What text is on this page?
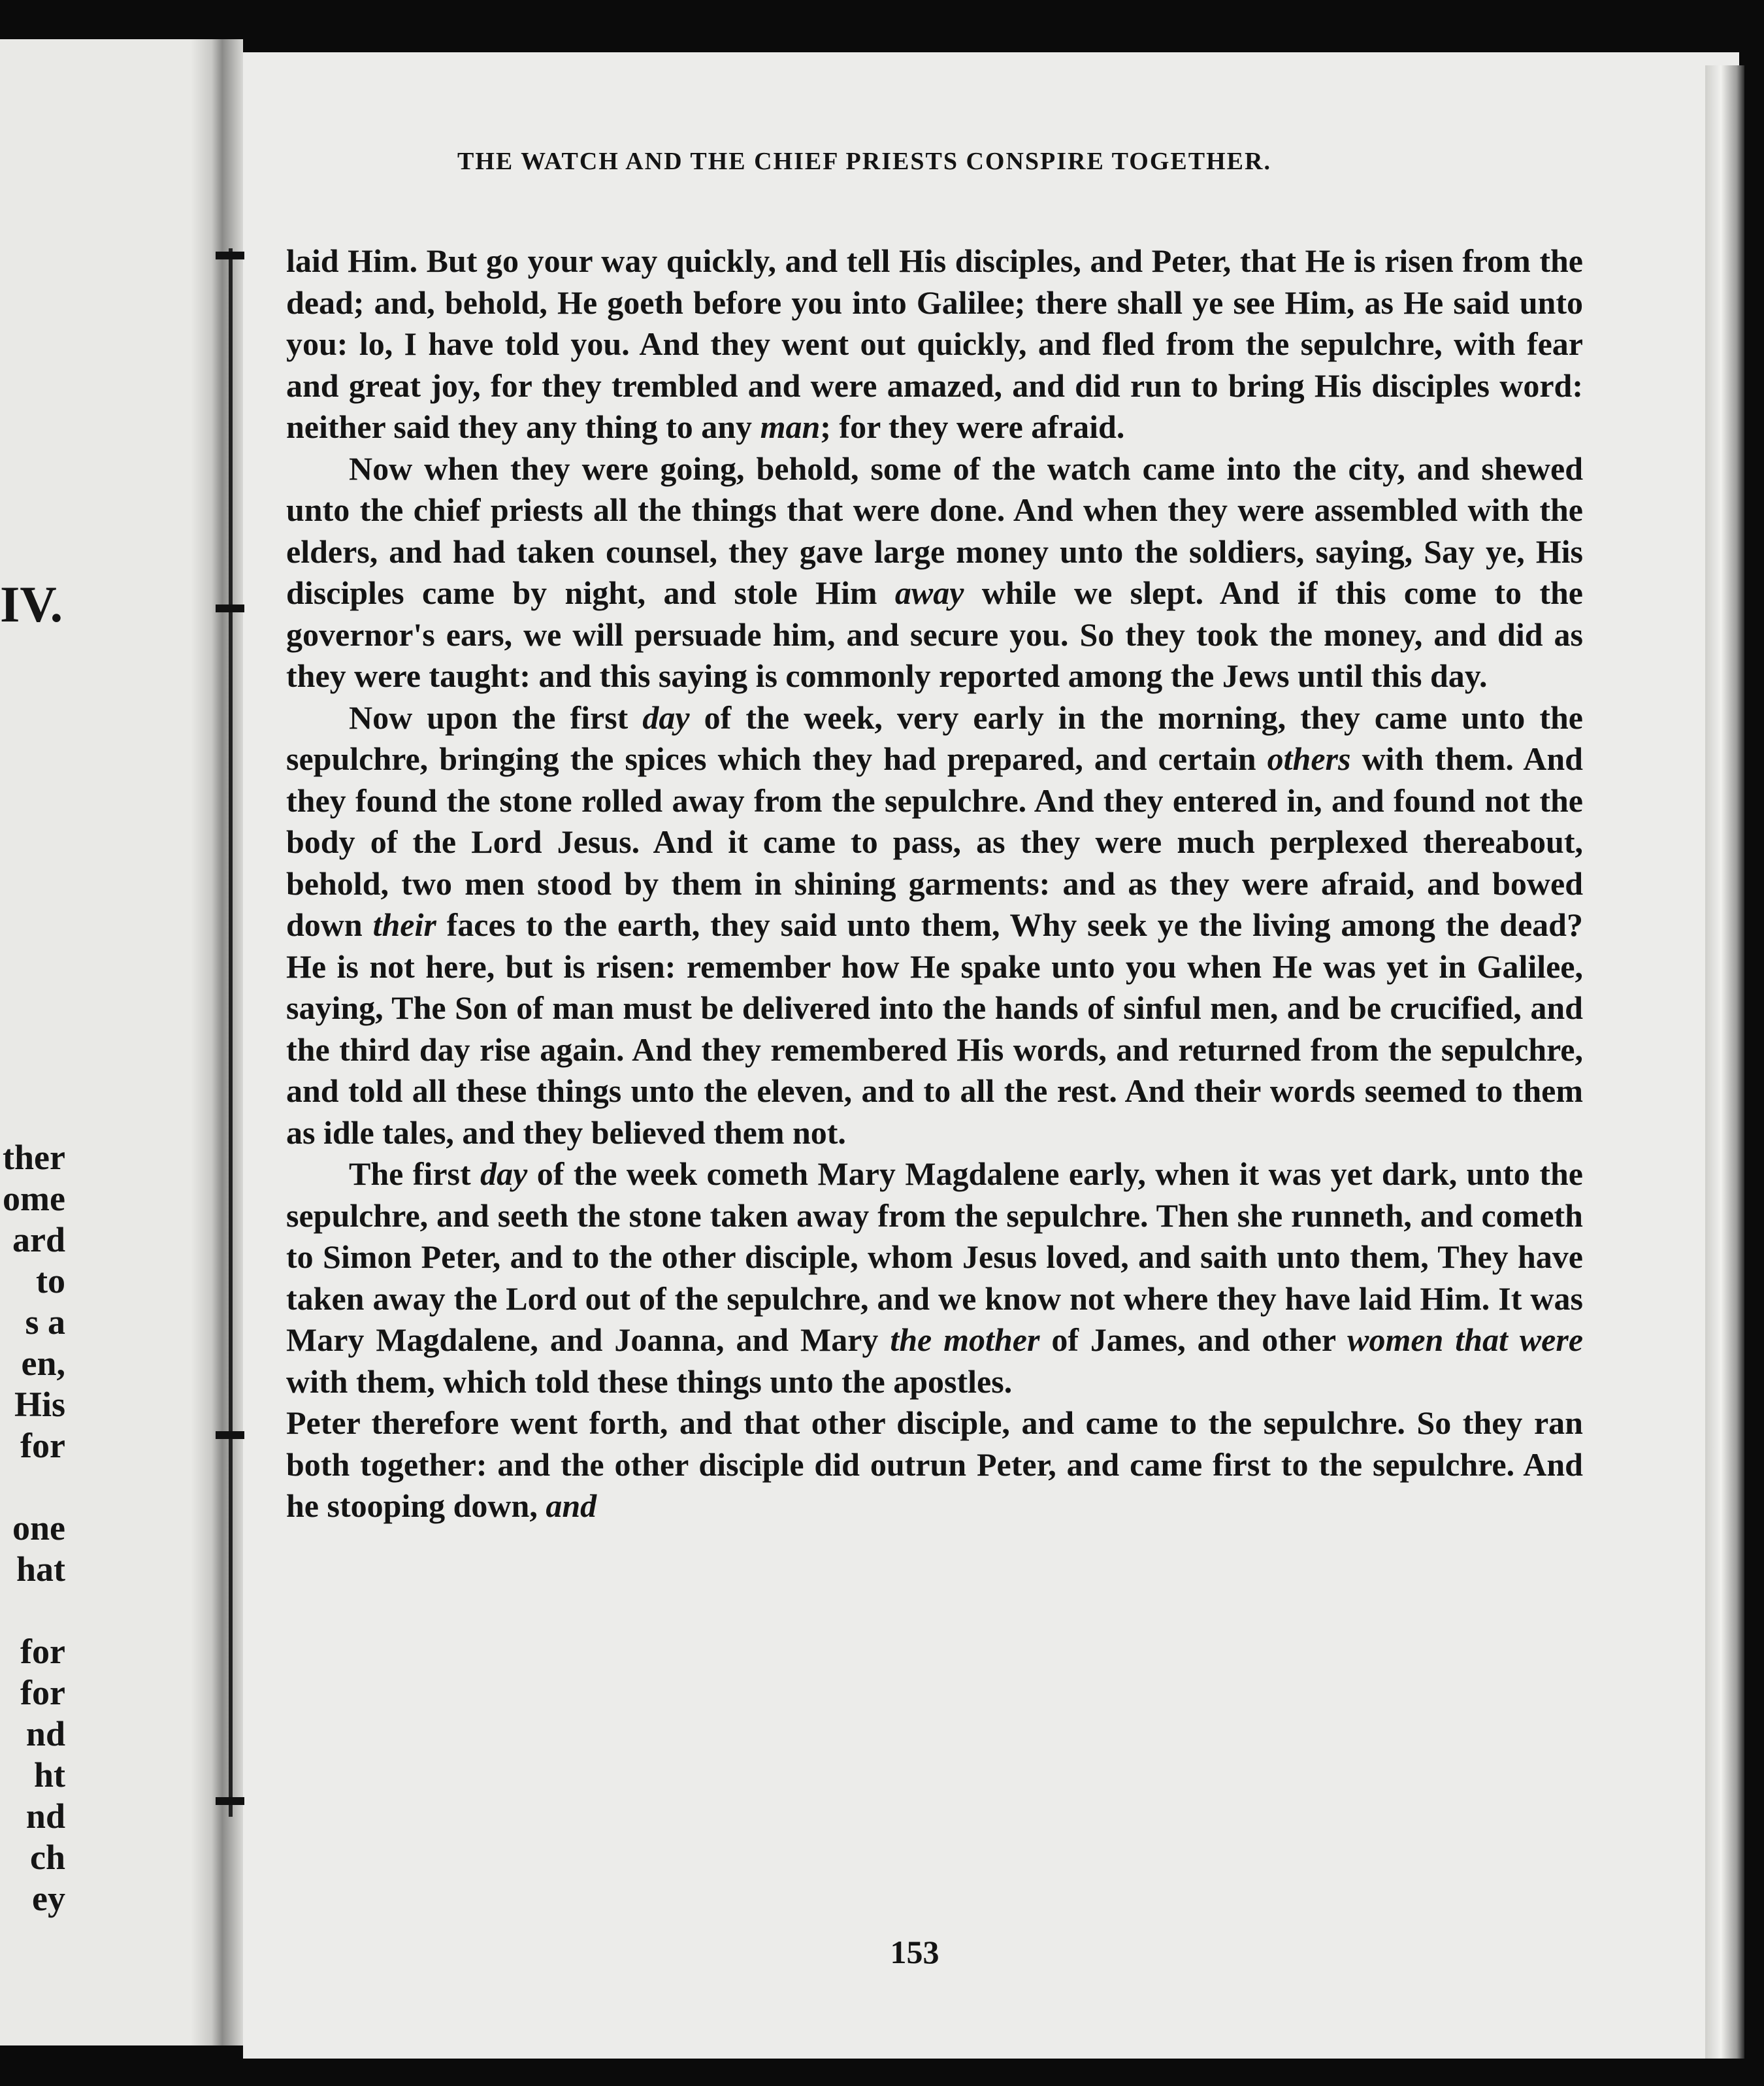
IV.
ther
ome
ard
to
s a
en,
His
for

one
hat

for
for
nd
ht
nd
ch
ey
THE WATCH AND THE CHIEF PRIESTS CONSPIRE TOGETHER.

laid Him. But go your way quickly, and tell His disciples, and Peter, that He is risen from the dead; and, behold, He goeth before you into Galilee; there shall ye see Him, as He said unto you: lo, I have told you. And they went out quickly, and fled from the sepulchre, with fear and great joy, for they trembled and were amazed, and did run to bring His disciples word: neither said they any thing to any man; for they were afraid.

Now when they were going, behold, some of the watch came into the city, and shewed unto the chief priests all the things that were done. And when they were assembled with the elders, and had taken counsel, they gave large money unto the soldiers, saying, Say ye, His disciples came by night, and stole Him away while we slept. And if this come to the governor's ears, we will persuade him, and secure you. So they took the money, and did as they were taught: and this saying is commonly reported among the Jews until this day.

Now upon the first day of the week, very early in the morning, they came unto the sepulchre, bringing the spices which they had prepared, and certain others with them. And they found the stone rolled away from the sepulchre. And they entered in, and found not the body of the Lord Jesus. And it came to pass, as they were much perplexed thereabout, behold, two men stood by them in shining garments: and as they were afraid, and bowed down their faces to the earth, they said unto them, Why seek ye the living among the dead? He is not here, but is risen: remember how He spake unto you when He was yet in Galilee, saying, The Son of man must be delivered into the hands of sinful men, and be crucified, and the third day rise again. And they remembered His words, and returned from the sepulchre, and told all these things unto the eleven, and to all the rest. And their words seemed to them as idle tales, and they believed them not.

The first day of the week cometh Mary Magdalene early, when it was yet dark, unto the sepulchre, and seeth the stone taken away from the sepulchre. Then she runneth, and cometh to Simon Peter, and to the other disciple, whom Jesus loved, and saith unto them, They have taken away the Lord out of the sepulchre, and we know not where they have laid Him. It was Mary Magdalene, and Joanna, and Mary the mother of James, and other women that were with them, which told these things unto the apostles.

Peter therefore went forth, and that other disciple, and came to the sepulchre. So they ran both together: and the other disciple did outrun Peter, and came first to the sepulchre. And he stooping down, and

153
